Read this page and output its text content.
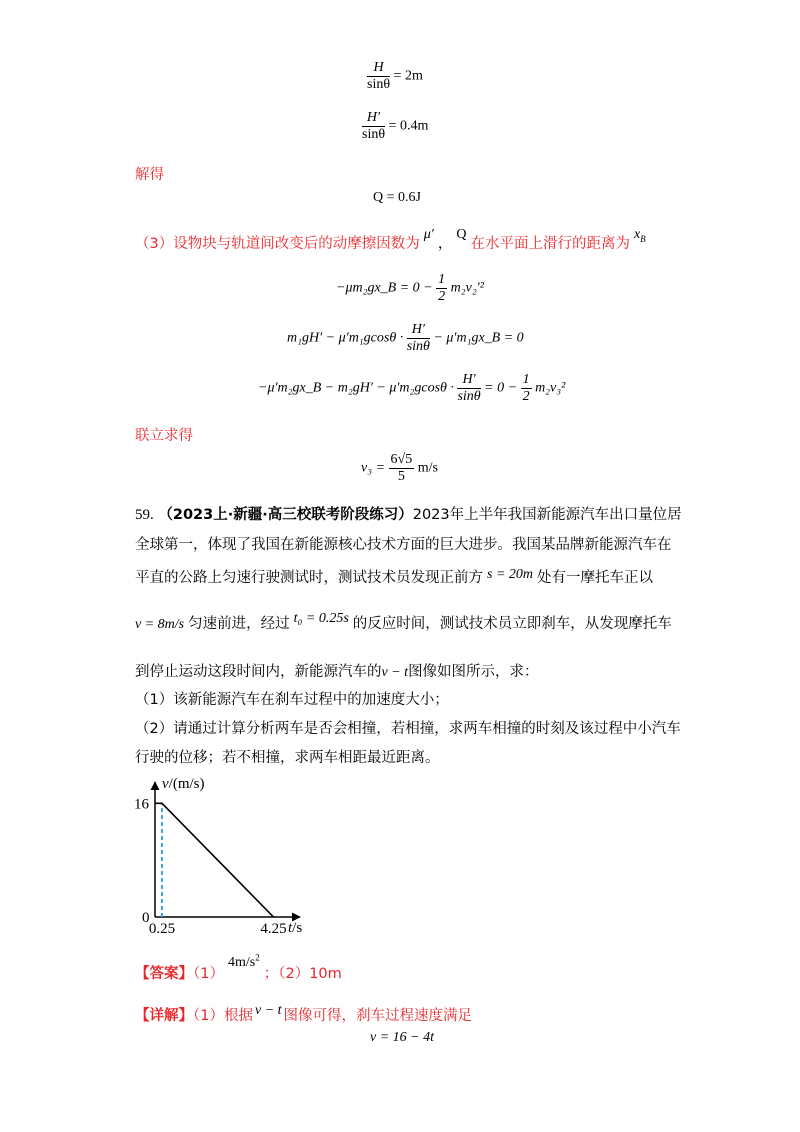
$\frac{H}{\sin\theta} = 2m$
$\frac{H'}{\sin\theta} = 0.4m$
解得
Q = 0.6J
（3）设物块与轨道间改变后的动摩擦因数为μ′，Q在水平面上滑行的距离为$x_B$
−μm₂gx_B = $0 - \frac{1}{2} m_2v_2'^2$
$m_1gH' - \mu'm_1gcos\theta \cdot \frac{H'}{\sin\theta}$ − μ′m₁gx_B = 0
−μ′m₂gx_B − $m_2gH' - \mu'm_2gcos\theta \cdot \frac{H'}{\sin\theta} = 0 - \frac{1}{2} m_2v_3^2$
联立求得
$v_3 = \frac{6√5}{5} m/s$
59. （2023上·新疆·高三校联考阶段练习）2023年上半年我国新能源汽车出口量位居
全球第一，体现了我国在新能源核心技术方面的巨大进步。我国某品牌新能源汽车在
平直的公路上匀速行驶测试时，测试技术员发现正前方 s = 20m 处有一摩托车正以
v = 8m/s 匀速前进，经过 t₀ = 0.25s 的反应时间，测试技术员立即刹车，从发现摩托车
到停止运动这段时间内，新能源汽车的v − t图像如图所示，求：
（1）该新能源汽车在刹车过程中的加速度大小；
（2）请通过计算分析两车是否会相撞，若相撞，求两车相撞的时刻及该过程中小汽车
行驶的位移；若不相撞，求两车相距最近距离。
v/(m/s)
t/s
16
0
0.25	4.25
【答案】$(1)4m/s^2$；（2）10m
【详解】（1）根据 v − t 图像可得，刹车过程速度满足
v = 16 − 4t
